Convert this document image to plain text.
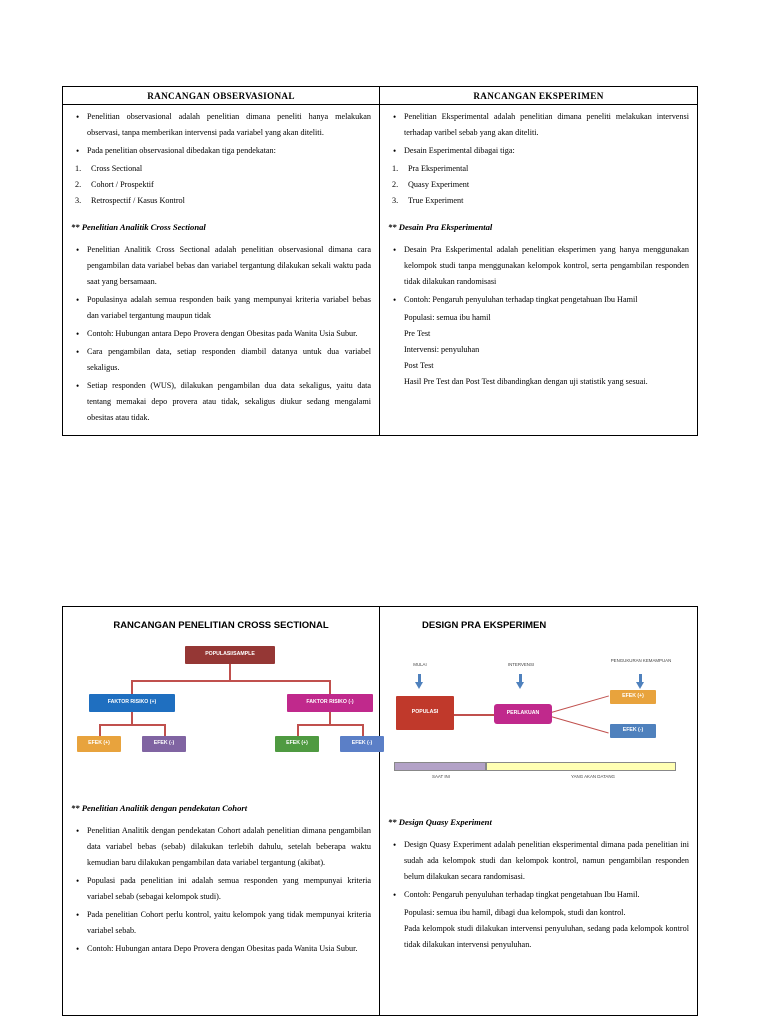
RANCANGAN OBSERVASIONAL
• Penelitian observasional adalah penelitian dimana peneliti hanya melakukan observasi, tanpa memberikan intervensi pada variabel yang akan diteliti.
• Pada penelitian observasional dibedakan tiga pendekatan:
Cross Sectional
Cohort / Prospektif
Retrospectif / Kasus Kontrol
** Penelitian Analitik Cross Sectional
• Penelitian Analitik Cross Sectional adalah penelitian observasional dimana cara pengambilan data variabel bebas dan variabel tergantung dilakukan sekali waktu pada saat yang bersamaan.
• Populasinya adalah semua responden baik yang mempunyai kriteria variabel bebas dan variabel tergantung maupun tidak
• Contoh: Hubungan antara Depo Provera dengan Obesitas pada Wanita Usia Subur.
• Cara pengambilan data, setiap responden diambil datanya untuk dua variabel sekaligus.
• Setiap responden (WUS), dilakukan pengambilan dua data sekaligus, yaitu data tentang memakai depo provera atau tidak, sekaligus diukur sedang mengalami obesitas atau tidak.
RANCANGAN EKSPERIMEN
• Penelitian Eksperimental adalah penelitian dimana peneliti melakukan intervensi terhadap varibel sebab yang akan diteliti.
• Desain Esperimental dibagai tiga:
Pra Eksperimental
Quasy Experiment
True Experiment
** Desain Pra Eksperimental
• Desain Pra Eskperimental adalah penelitian eksperimen yang hanya menggunakan kelompok studi tanpa menggunakan kelompok kontrol, serta pengambilan responden tidak dilakukan randomisasi
• Contoh: Pengaruh penyuluhan terhadap tingkat pengetahuan Ibu Hamil
Populasi: semua ibu hamil
Pre Test
Intervensi: penyuluhan
Post Test
Hasil Pre Test dan Post Test dibandingkan dengan uji statistik yang sesuai.
RANCANGAN PENELITIAN CROSS SECTIONAL
POPULASI/SAMPLE
FAKTOR RISIKO (+)	FAKTOR RISIKO (-)
EFEK (+)	EFEK (-)	EFEK (+)	EFEK (-)
** Penelitian Analitik dengan pendekatan Cohort
• Penelitian Analitik dengan pendekatan Cohort adalah penelitian dimana pengambilan data variabel bebas (sebab) dilakukan terlebih dahulu, setelah beberapa waktu kemudian baru dilakukan pengambilan data variabel tergantung (akibat).
• Populasi pada penelitian ini adalah semua responden yang mempunyai kriteria variabel sebab (sebagai kelompok studi).
• Pada penelitian Cohort perlu kontrol, yaitu kelompok yang tidak mempunyai kriteria variabel sebab.
• Contoh: Hubungan antara Depo Provera dengan Obesitas pada Wanita Usia Subur.
DESIGN PRA EKSPERIMEN
MULAI	INTERVENSI
PENGUKURAN KEMAMPUAN
POPULASI	PERLAKUAN
EFEK (+)
EFEK (-)
SAAT INI	YANG AKAN DATANG
** Design Quasy Experiment
• Design Quasy Experiment adalah penelitian eksperimental dimana pada penelitian ini sudah ada kelompok studi dan kelompok kontrol, namun pengambilan responden belum dilakukan secara randomisasi.
• Contoh: Pengaruh penyuluhan terhadap tingkat pengetahuan Ibu Hamil.
Populasi: semua ibu hamil, dibagi dua kelompok, studi dan kontrol.
Pada kelompok studi dilakukan intervensi penyuluhan, sedang pada kelompok kontrol tidak dilakukan intervensi penyuluhan.
